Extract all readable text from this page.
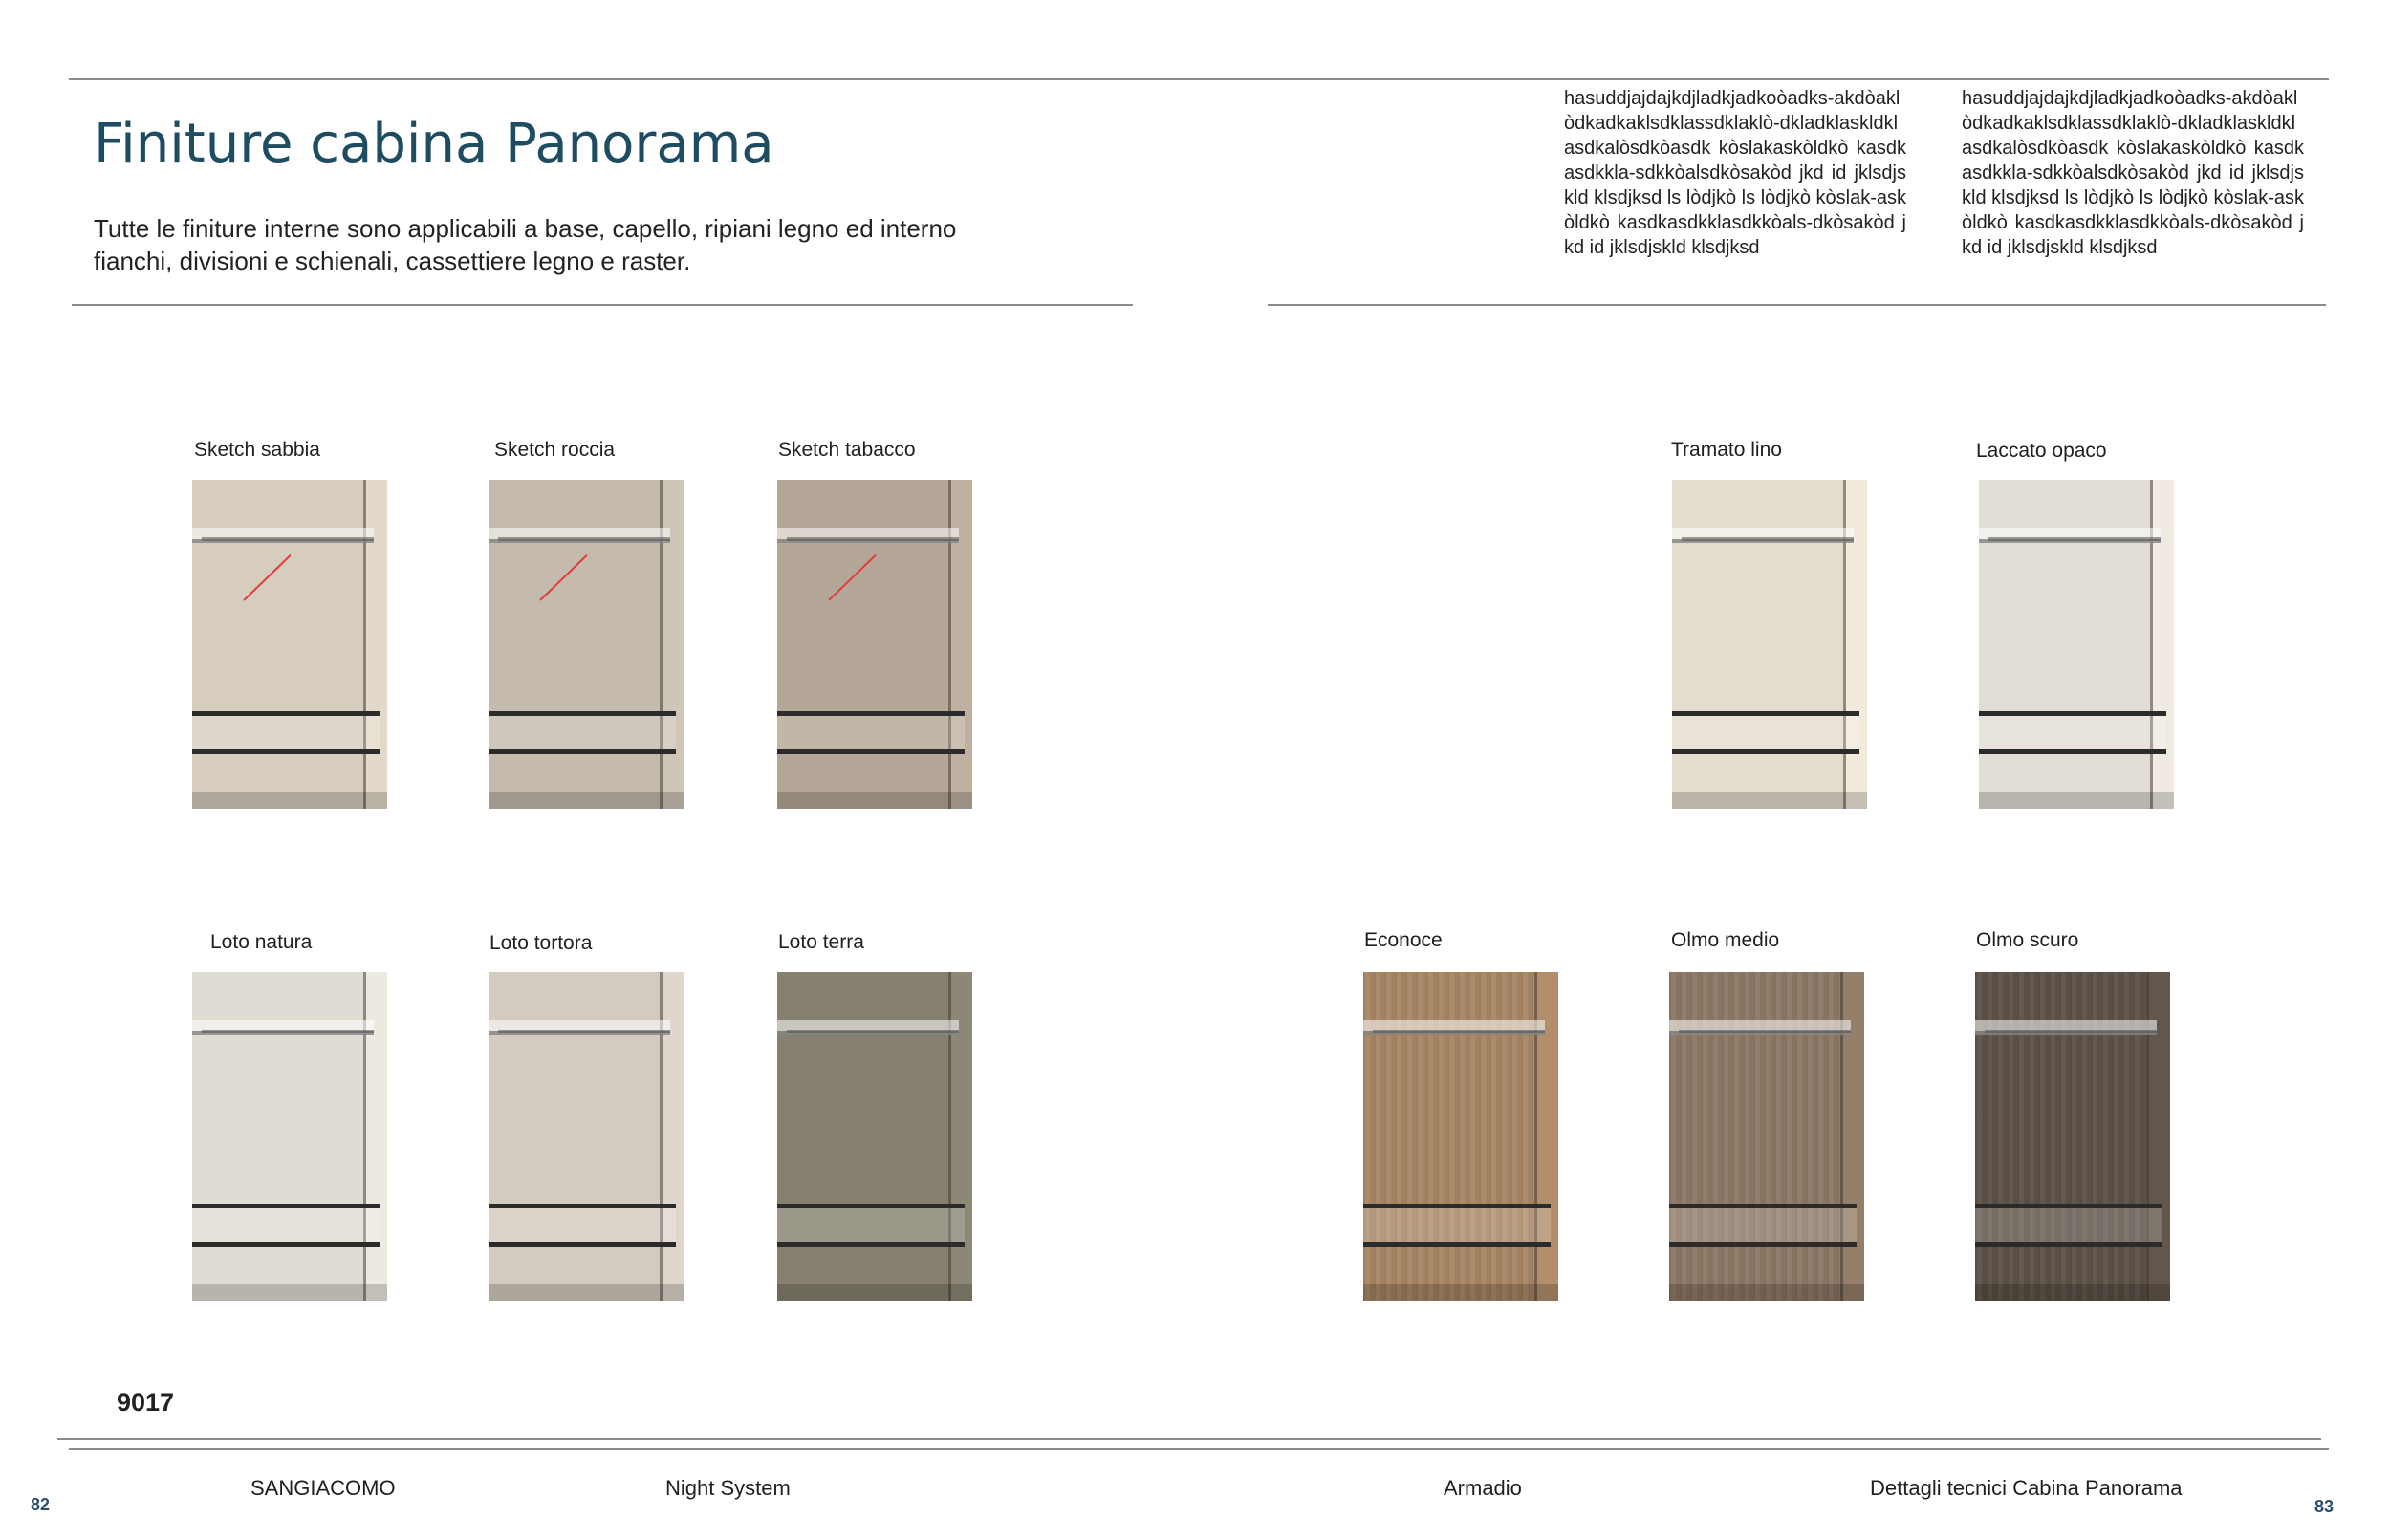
Finiture cabina Panorama
Tutte le finiture interne sono applicabili a base, capello, ripiani legno ed interno fianchi, divisioni e schienali, cassettiere legno e raster.
hasuddjajdajkdjladkjadkoòadks-akdòaklòdkadkaklsdklassdklaklò-dkladklaskldklasdkalòsdkòasdk kòslakaskòldkò kasdkasdkkla-sdkkòalsdkòsakòd jkd id jklsdjskld klsdjksd ls lòdjkò ls lòdjkò kòslak-askòldkò kasdkasdkklasdkkòals-dkòsakòd jkd id jklsdjskld klsdjksd
hasuddjajdajkdjladkjadkoòadks-akdòaklòdkadkaklsdklassdklaklò-dkladklaskldklasdkalòsdkòasdk kòslakaskòldkò kasdkasdkkla-sdkkòalsdkòsakòd jkd id jklsdjskld klsdjksd ls lòdjkò ls lòdjkò kòslak-askòldkò kasdkasdkklasdkkòals-dkòsakòd jkd id jklsdjskld klsdjksd
Sketch sabbia	Sketch roccia	Sketch tabacco	Tramato lino	Laccato opaco
Loto natura	Loto tortora	Loto terra	Econoce	Olmo medio	Olmo scuro
9017
SANGIACOMO	Night System	Armadio	Dettagli tecnici Cabina Panorama
82	83
